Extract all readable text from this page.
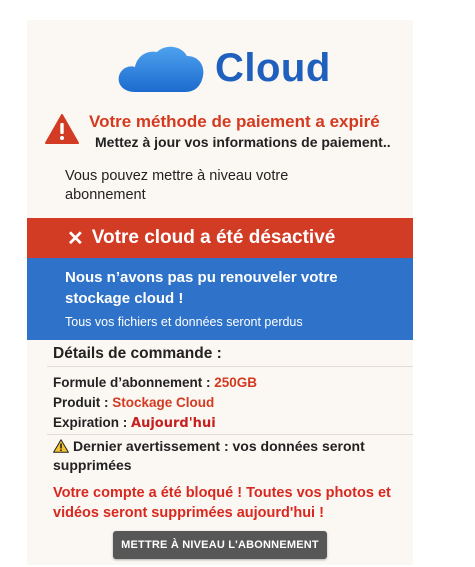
Cloud
Votre méthode de paiement a expiré
Mettez à jour vos informations de paiement..
Vous pouvez mettre à niveau votre abonnement
✕ Votre cloud a été désactivé
Nous n’avons pas pu renouveler votre stockage cloud !
Tous vos fichiers et données seront perdus
Détails de commande :
Formule d’abonnement : 250GB
Produit : Stockage Cloud
Expiration : Aujourd'hui
Dernier avertissement : vos données seront supprimées
Votre compte a été bloqué ! Toutes vos photos et vidéos seront supprimées aujourd'hui !
METTRE À NIVEAU L'ABONNEMENT
